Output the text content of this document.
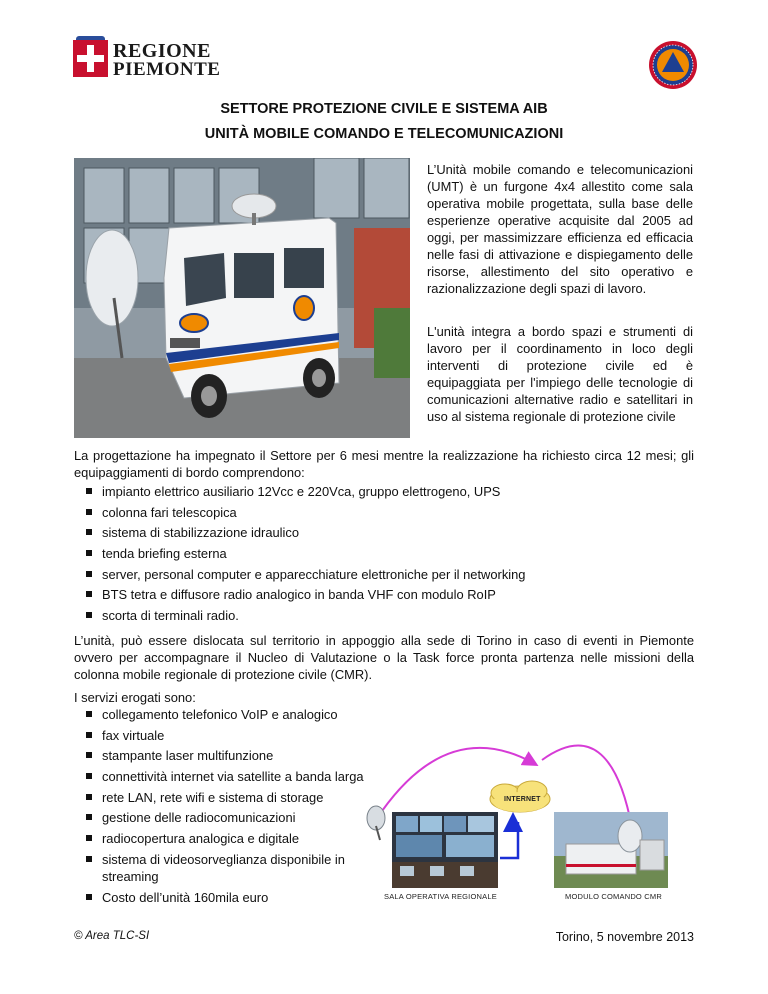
REGIONE
PIEMONTE
SETTORE PROTEZIONE CIVILE E SISTEMA AIB
UNITÀ MOBILE COMANDO E TELECOMUNICAZIONI

L’Unità mobile comando e telecomunicazioni (UMT) è un furgone 4x4 allestito come sala operativa mobile progettata, sulla base delle esperienze operative acquisite dal 2005 ad oggi, per massimizzare efficienza ed efficacia nelle fasi di attivazione e dispiegamento delle risorse, allestimento del sito operativo e razionalizzazione degli spazi di lavoro.

L'unità integra a bordo spazi e strumenti di lavoro per il coordinamento in loco degli interventi di protezione civile ed è equipaggiata per l'impiego delle tecnologie di comunicazioni alternative radio e satellitari in uso al sistema regionale di protezione civile

La progettazione ha impegnato il Settore per 6 mesi mentre la realizzazione ha richiesto circa 12 mesi; gli equipaggiamenti di bordo comprendono:

impianto elettrico ausiliario 12Vcc e 220Vca, gruppo elettrogeno, UPS
colonna fari telescopica
sistema di stabilizzazione idraulico
tenda briefing esterna
server, personal computer e apparecchiature elettroniche per il networking
BTS tetra e diffusore radio analogico in banda VHF con modulo RoIP
scorta di terminali radio.

L’unità, può essere dislocata sul territorio in appoggio alla sede di Torino in caso di eventi in Piemonte ovvero per accompagnare il Nucleo di Valutazione o la Task force pronta partenza nelle missioni della colonna mobile regionale di protezione civile (CMR).

I servizi erogati sono:

collegamento telefonico VoIP e analogico
fax virtuale
stampante laser multifunzione
connettività internet via satellite a banda larga
rete LAN, rete wifi e sistema di storage
gestione delle radiocomunicazioni
radiocopertura analogica e digitale
sistema di videosorveglianza disponibile in streaming
Costo dell’unità 160mila euro	SALA OPERATIVA REGIONALE	MODULO COMANDO CMR
INTERNET
© Area TLC-SI	Torino, 5 novembre 2013
